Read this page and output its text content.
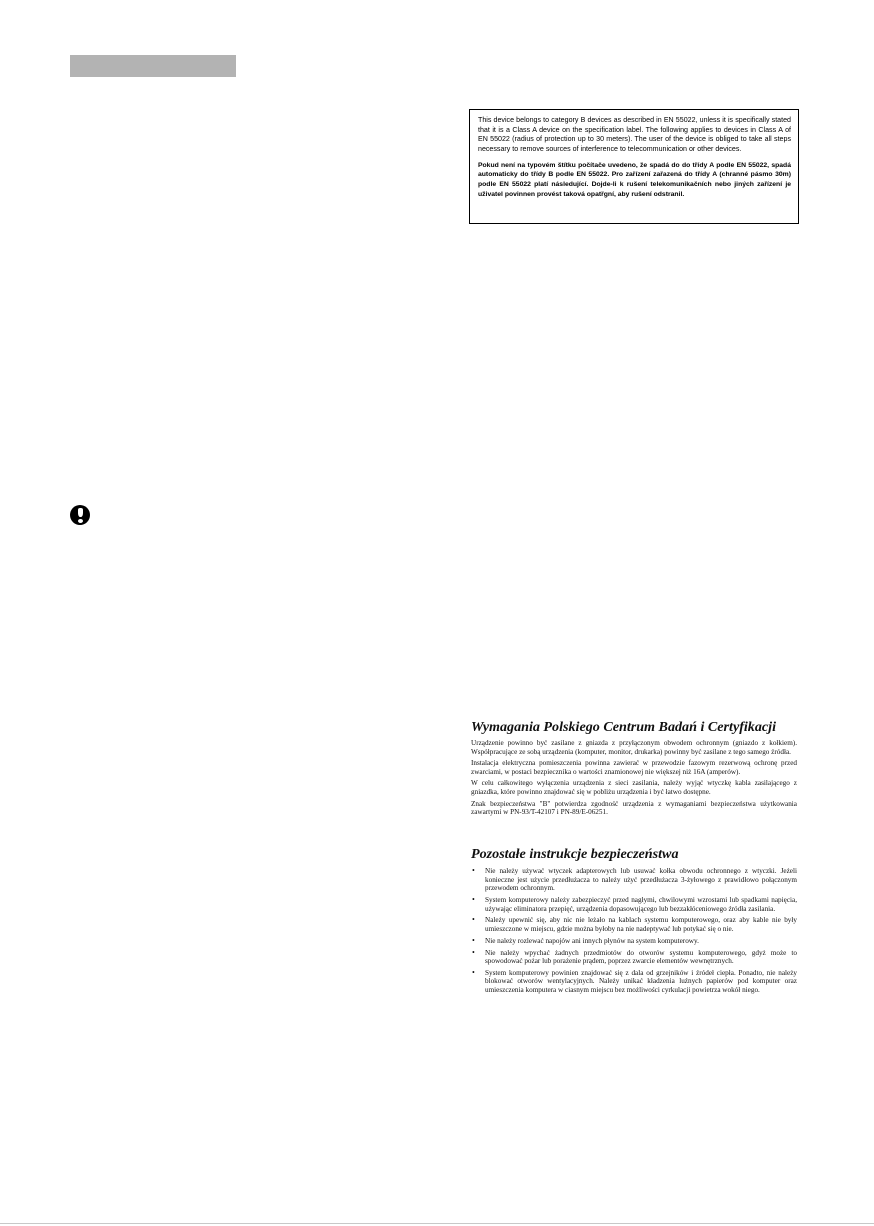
This device belongs to category B devices as described in EN 55022, unless it is specifically stated that it is a Class A device on the specification label. The following applies to devices in Class A of EN 55022 (radius of protection up to 30 meters). The user of the device is obliged to take all steps necessary to remove sources of interference to telecommunication or other devices.

Pokud není na typovém štítku počítače uvedeno, že spadá do do třídy A podle EN 55022, spadá automaticky do třídy B podle EN 55022. Pro zařízení zařazená do třídy A (chranné pásmo 30m) podle EN 55022 platí následující. Dojde-li k rušení telekomunikačních nebo jiných zařízení je uživatel povinnen provést taková opatřgní, aby rušení odstranil.

Wymagania Polskiego Centrum Badań i Certyfikacji

Urządzenie powinno być zasilane z gniazda z przyłączonym obwodem ochronnym (gniazdo z kołkiem). Współpracujące ze sobą urządzenia (komputer, monitor, drukarka) powinny być zasilane z tego samego źródła.

Instalacja elektryczna pomieszczenia powinna zawierać w przewodzie fazowym rezerwową ochronę przed zwarciami, w postaci bezpiecznika o wartości znamionowej nie większej niż 16A (amperów).

W celu całkowitego wyłączenia urządzenia z sieci zasilania, należy wyjąć wtyczkę kabla zasilającego z gniazdka, które powinno znajdować się w pobliżu urządzenia i być łatwo dostępne.

Znak bezpieczeństwa "B" potwierdza zgodność urządzenia z wymaganiami bezpieczeństwa użytkowania zawartymi w PN-93/T-42107 i PN-89/E-06251.

Pozostałe instrukcje bezpieczeństwa
• Nie należy używać wtyczek adapterowych lub usuwać kołka obwodu ochronnego z wtyczki. Jeżeli konieczne jest użycie przedłużacza to należy użyć przedłużacza 3-żyłowego z prawidłowo połączonym przewodem ochronnym.
• System komputerowy należy zabezpieczyć przed nagłymi, chwilowymi wzrostami lub spadkami napięcia, używając eliminatora przepięć, urządzenia dopasowującego lub bezzakłóceniowego źródła zasilania.
• Należy upewnić się, aby nic nie leżało na kablach systemu komputerowego, oraz aby kable nie były umieszczone w miejscu, gdzie można byłoby na nie nadeptywać lub potykać się o nie.
• Nie należy rozlewać napojów ani innych płynów na system komputerowy.
• Nie należy wpychać żadnych przedmiotów do otworów systemu komputerowego, gdyż może to spowodować pożar lub porażenie prądem, poprzez zwarcie elementów wewnętrznych.
• System komputerowy powinien znajdować się z dala od grzejników i źródeł ciepła. Ponadto, nie należy blokować otworów wentylacyjnych. Należy unikać kładzenia luźnych papierów pod komputer oraz umieszczenia komputera w ciasnym miejscu bez możliwości cyrkulacji powietrza wokół niego.
